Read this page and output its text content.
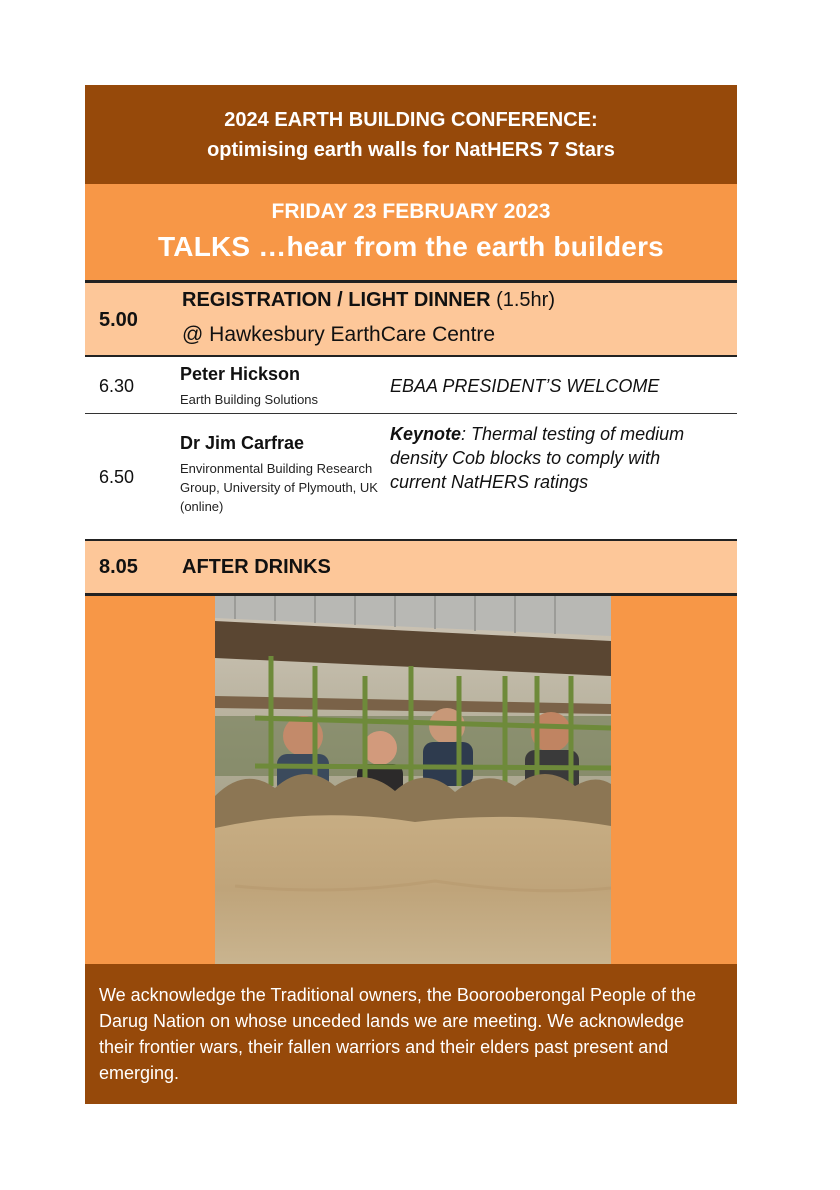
2024 EARTH BUILDING CONFERENCE:
optimising earth walls for NatHERS 7 Stars
FRIDAY 23 FEBRUARY 2023
TALKS …hear from the earth builders
5.00
REGISTRATION / LIGHT DINNER (1.5hr)
@ Hawkesbury EarthCare Centre
6.30
Peter Hickson
Earth Building Solutions
EBAA PRESIDENT’S WELCOME
6.50
Dr Jim Carfrae
Environmental Building Research Group, University of Plymouth, UK (online)
Keynote: Thermal testing of medium density Cob blocks to comply with current NatHERS ratings
8.05 AFTER DRINKS

We acknowledge the Traditional owners, the Boorooberongal People of the Darug Nation on whose unceded lands we are meeting. We acknowledge their frontier wars, their fallen warriors and their elders past present and emerging.
